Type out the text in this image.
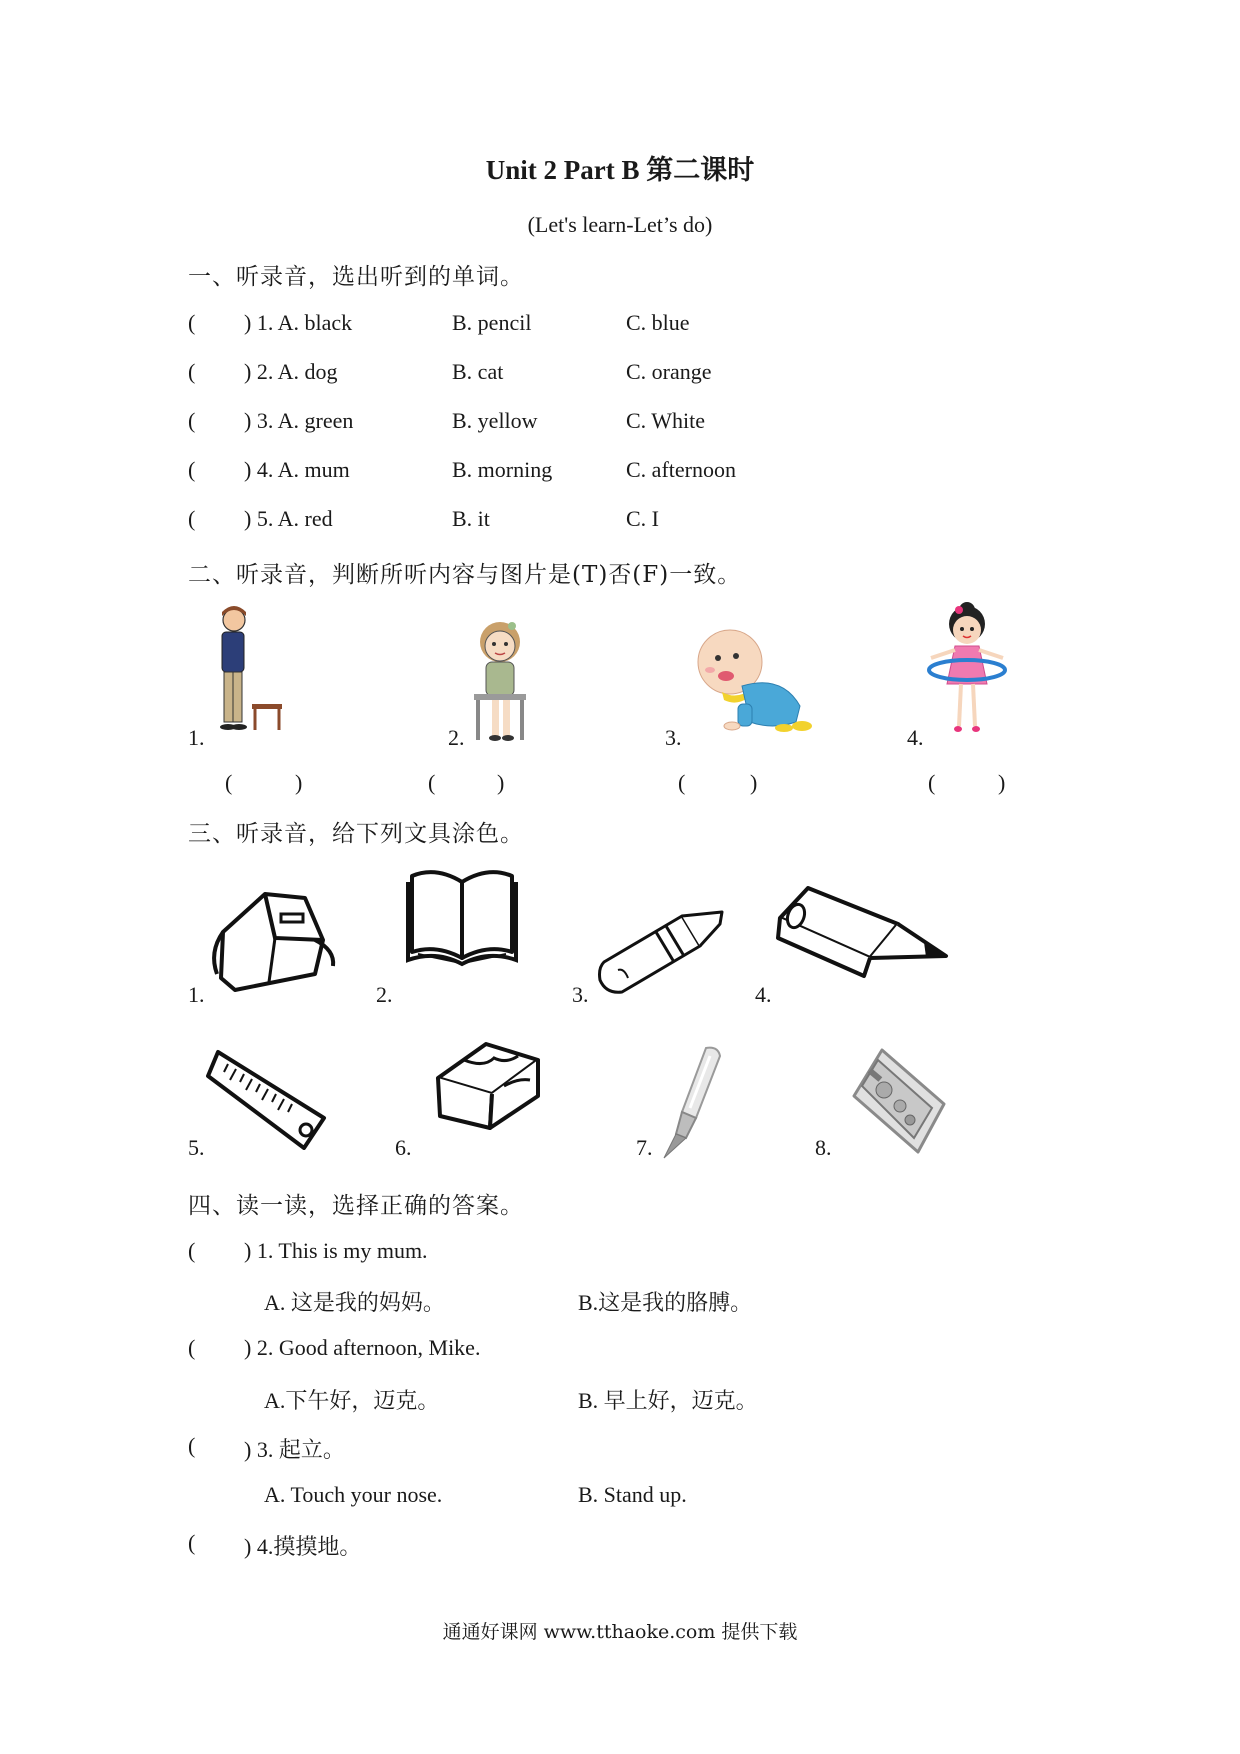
Unit 2 Part B 第二课时
(Let's learn-Let’s do)
一、听录音，选出听到的单词。
( ) 1. A. black	B. pencil	C. blue
( ) 2. A. dog	B. cat	C. orange
( ) 3. A. green	B. yellow	C. White
( ) 4. A. mum	B. morning	C. afternoon
( ) 5. A. red	B. it	C. I
二、听录音，判断所听内容与图片是(T)否(F)一致。
1.	2.	3.	4.
(	)	(	)	(	)	(	)
三、听录音，给下列文具涂色。
1.	2.	3.	4.
5.	6.	7.	8.
四、读一读，选择正确的答案。
( ) 1. This is my mum.
A. 这是我的妈妈。	B.这是我的胳膊。
( ) 2. Good afternoon, Mike.
A.下午好，迈克。	B. 早上好，迈克。
( ) 3. 起立。
A. Touch your nose.	B. Stand up.
( ) 4.摸摸地。
通通好课网 www.tthaoke.com 提供下载
